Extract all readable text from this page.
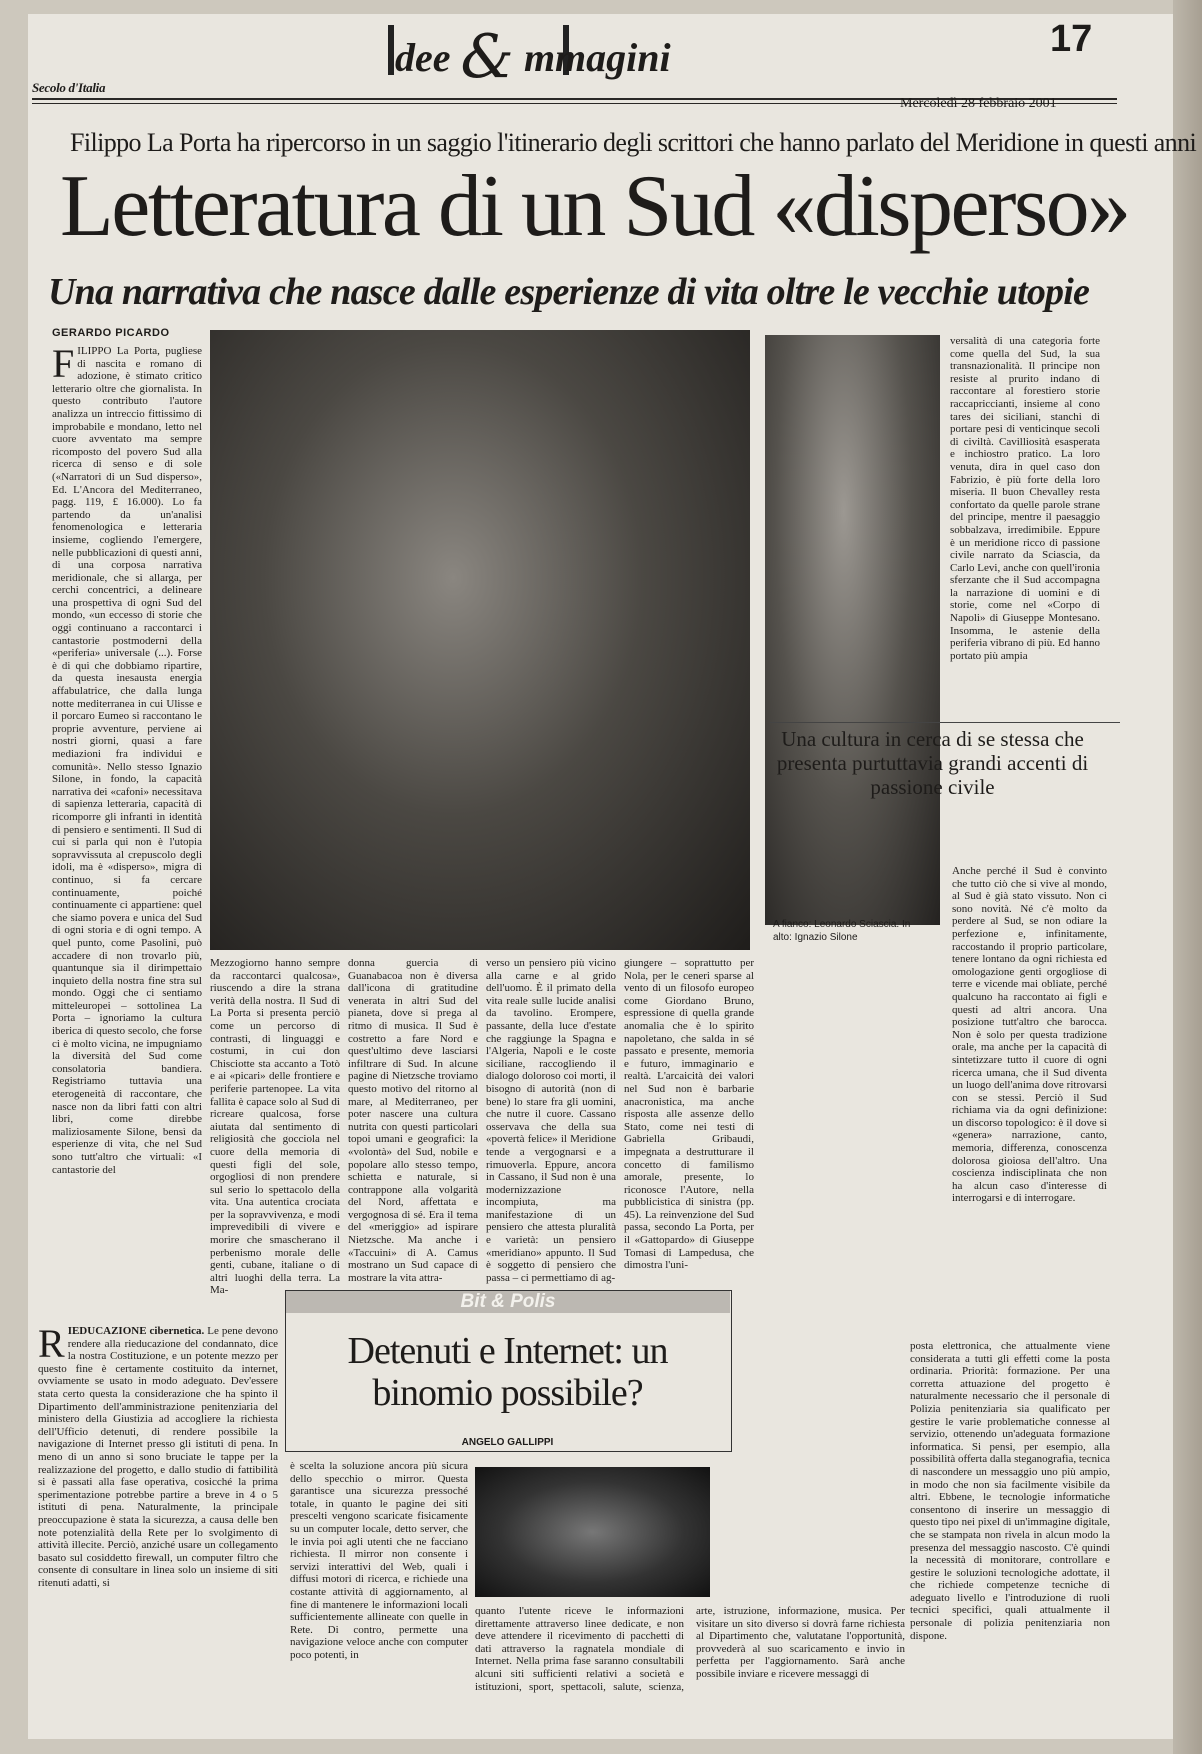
Secolo d'Italia
dee & mmagini	17
Mercoledì 28 febbraio 2001
Filippo La Porta ha ripercorso in un saggio l'itinerario degli scrittori che hanno parlato del Meridione in questi anni
Letteratura di un Sud «disperso»
Una narrativa che nasce dalle esperienze di vita oltre le vecchie utopie
GERARDO PICARDO
FILIPPO La Porta, pugliese di nascita e romano di adozione, è stimato critico letterario oltre che giornalista. In questo contributo l'autore analizza un intreccio fittissimo di improbabile e mondano, letto nel cuore avventato ma sempre ricomposto del povero Sud alla ricerca di senso e di sole («Narratori di un Sud disperso», Ed. L'Ancora del Mediterraneo, pagg. 119, £ 16.000). Lo fa partendo da un'analisi fenomenologica e letteraria insieme, cogliendo l'emergere, nelle pubblicazioni di questi anni, di una corposa narrativa meridionale, che si allarga, per cerchi concentrici, a delineare una prospettiva di ogni Sud del mondo, «un eccesso di storie che oggi continuano a raccontarci i cantastorie postmoderni della «periferia» universale (...). Forse è di qui che dobbiamo ripartire, da questa inesausta energia affabulatrice, che dalla lunga notte mediterranea in cui Ulisse e il porcaro Eumeo si raccontano le proprie avventure, perviene ai nostri giorni, quasi a fare mediazioni fra individui e comunità». Nello stesso Ignazio Silone, in fondo, la capacità narrativa dei «cafoni» necessitava di sapienza letteraria, capacità di ricomporre gli infranti in identità di pensiero e sentimenti. Il Sud di cui si parla qui non è l'utopia sopravvissuta al crepuscolo degli idoli, ma è «disperso», migra di continuo, si fa cercare continuamente, poiché continuamente ci appartiene: quel che siamo povera e unica del Sud di ogni storia e di ogni tempo. A quel punto, come Pasolini, può accadere di non trovarlo più, quantunque sia il dirimpettaio inquieto della nostra fine stra sul mondo. Oggi che ci sentiamo mitteleuropei – sottolinea La Porta – ignoriamo la cultura iberica di questo secolo, che forse ci è molto vicina, ne impugniamo la diversità del Sud come consolatoria bandiera. Registriamo tuttavia una eterogeneità di raccontare, che nasce non da libri fatti con altri libri, come direbbe maliziosamente Silone, bensì da esperienze di vita, che nel Sud sono tutt'altro che virtuali: «I cantastorie del
A fianco: Leonardo Sciascia. In alto: Ignazio Silone
versalità di una categoria forte come quella del Sud, la sua transnazionalità. Il principe non resiste al prurito indano di raccontare al forestiero storie raccapriccianti, insieme al cono tares dei siciliani, stanchi di portare pesi di venticinque secoli di civiltà. Cavilliosità esasperata e inchiostro pratico. La loro venuta, dira in quel caso don Fabrizio, è più forte della loro miseria. Il buon Chevalley resta confortato da quelle parole strane del principe, mentre il paesaggio sobbalzava, irredimibile. Eppure è un meridione ricco di passione civile narrato da Sciascia, da Carlo Levi, anche con quell'ironia sferzante che il Sud accompagna la narrazione di uomini e di storie, come nel «Corpo di Napoli» di Giuseppe Montesano. Insomma, le astenie della periferia vibrano di più. Ed hanno portato più ampia
Una cultura in cerca di se stessa che presenta purtuttavia grandi accenti di passione civile
Anche perché il Sud è convinto che tutto ciò che si vive al mondo, al Sud è già stato vissuto. Non ci sono novità. Né c'è molto da perdere al Sud, se non odiare la perfezione e, infinitamente, raccostando il proprio particolare, tenere lontano da ogni richiesta ed omologazione genti orgogliose di terre e vicende mai obliate, perché qualcuno ha raccontato ai figli e questi ad altri ancora. Una posizione tutt'altro che barocca. Non è solo per questa tradizione orale, ma anche per la capacità di sintetizzare tutto il cuore di ogni ricerca umana, che il Sud diventa un luogo dell'anima dove ritrovarsi con se stessi. Perciò il Sud richiama via da ogni definizione: un discorso topologico: è il dove si «genera» narrazione, canto, memoria, differenza, conoscenza dolorosa gioiosa dell'altro. Una coscienza indisciplinata che non ha alcun caso d'interesse di interrogarsi e di interrogare.
Mezzogiorno hanno sempre da raccontarci qualcosa», riuscendo a dire la strana verità della nostra. Il Sud di La Porta si presenta perciò come un percorso di contrasti, di linguaggi e costumi, in cui don Chisciotte sta accanto a Totò e ai «picari» delle frontiere e periferie partenopee. La vita fallita è capace solo al Sud di ricreare qualcosa, forse aiutata dal sentimento di religiosità che gocciola nel cuore della memoria di questi figli del sole, orgogliosi di non prendere sul serio lo spettacolo della vita. Una autentica crociata per la sopravvivenza, e modi imprevedibili di vivere e morire che smascherano il perbenismo morale delle genti, cubane, italiane o di altri luoghi della terra. La Ma-
donna guercia di Guanabacoa non è diversa dall'icona di gratitudine venerata in altri Sud del pianeta, dove si prega al ritmo di musica. Il Sud è costretto a fare Nord e quest'ultimo deve lasciarsi infiltrare di Sud. In alcune pagine di Nietzsche troviamo questo motivo del ritorno al mare, al Mediterraneo, per poter nascere una cultura nutrita con questi particolari topoi umani e geografici: la «volontà» del Sud, nobile e popolare allo stesso tempo, schietta e naturale, si contrappone alla volgarità del Nord, affettata e vergognosa di sé. Era il tema del «meriggio» ad ispirare Nietzsche. Ma anche i «Taccuini» di A. Camus mostrano un Sud capace di mostrare la vita attra-
verso un pensiero più vicino alla carne e al grido dell'uomo. È il primato della vita reale sulle lucide analisi da tavolino. Erompere, passante, della luce d'estate che raggiunge la Spagna e l'Algeria, Napoli e le coste siciliane, raccogliendo il dialogo doloroso coi morti, il bisogno di autorità (non di bene) lo stare fra gli uomini, che nutre il cuore. Cassano osservava che della sua «povertà felice» il Meridione tende a vergognarsi e a rimuoverla. Eppure, ancora in Cassano, il Sud non è una modernizzazione incompiuta, ma manifestazione di un pensiero che attesta pluralità e varietà: un pensiero «meridiano» appunto. Il Sud è soggetto di pensiero che passa – ci permettiamo di ag-
giungere – soprattutto per Nola, per le ceneri sparse al vento di un filosofo europeo come Giordano Bruno, espressione di quella grande anomalia che è lo spirito napoletano, che salda in sé passato e presente, memoria e futuro, immaginario e realtà. L'arcaicità dei valori nel Sud non è barbarie anacronistica, ma anche risposta alle assenze dello Stato, come nei testi di Gabriella Gribaudi, impegnata a destrutturare il concetto di familismo amorale, presente, lo riconosce l'Autore, nella pubblicistica di sinistra (pp. 45). La reinvenzione del Sud passa, secondo La Porta, per il «Gattopardo» di Giuseppe Tomasi di Lampedusa, che dimostra l'uni-
Bit & Polis
Detenuti e Internet: un binomio possibile?
ANGELO GALLIPPI
RIEDUCAZIONE cibernetica. Le pene devono rendere alla rieducazione del condannato, dice la nostra Costituzione, e un potente mezzo per questo fine è certamente costituito da internet, ovviamente se usato in modo adeguato. Dev'essere stata certo questa la considerazione che ha spinto il Dipartimento dell'amministrazione penitenziaria del ministero della Giustizia ad accogliere la richiesta dell'Ufficio detenuti, di rendere possibile la navigazione di Internet presso gli istituti di pena. In meno di un anno si sono bruciate le tappe per la realizzazione del progetto, e dallo studio di fattibilità si è passati alla fase operativa, cosicché la prima sperimentazione potrebbe partire a breve in 4 o 5 istituti di pena. Naturalmente, la principale preoccupazione è stata la sicurezza, a causa delle ben note potenzialità della Rete per lo svolgimento di attività illecite. Perciò, anziché usare un collegamento basato sul cosiddetto firewall, un computer filtro che consente di consultare in linea solo un insieme di siti ritenuti adatti, si
è scelta la soluzione ancora più sicura dello specchio o mirror. Questa garantisce una sicurezza pressoché totale, in quanto le pagine dei siti prescelti vengono scaricate fisicamente su un computer locale, detto server, che le invia poi agli utenti che ne facciano richiesta. Il mirror non consente i servizi interattivi del Web, quali i diffusi motori di ricerca, e richiede una costante attività di aggiornamento, al fine di mantenere le informazioni locali sufficientemente allineate con quelle in Rete. Di contro, permette una navigazione veloce anche con computer poco potenti, in
quanto l'utente riceve le informazioni direttamente attraverso linee dedicate, e non deve attendere il ricevimento di pacchetti di dati attraverso la ragnatela mondiale di Internet. Nella prima fase saranno consultabili alcuni siti sufficienti relativi a società e istituzioni, sport, spettacoli, salute, scienza, arte, istruzione, informazione, musica. Per visitare un sito diverso si dovrà farne richiesta al Dipartimento che, valutatane l'opportunità, provvederà al suo scaricamento e invio in perfetta per l'aggiornamento. Sarà anche possibile inviare e ricevere messaggi di
posta elettronica, che attualmente viene considerata a tutti gli effetti come la posta ordinaria. Priorità: formazione. Per una corretta attuazione del progetto è naturalmente necessario che il personale di Polizia penitenziaria sia qualificato per gestire le varie problematiche connesse al servizio, ottenendo un'adeguata formazione informatica. Si pensi, per esempio, alla possibilità offerta dalla steganografia, tecnica di nascondere un messaggio uno più ampio, in modo che non sia facilmente visibile da altri. Ebbene, le tecnologie informatiche consentono di inserire un messaggio di questo tipo nei pixel di un'immagine digitale, che se stampata non rivela in alcun modo la presenza del messaggio nascosto. C'è quindi la necessità di monitorare, controllare e gestire le soluzioni tecnologiche adottate, il che richiede competenze tecniche di adeguato livello e l'introduzione di ruoli tecnici specifici, quali attualmente il personale di polizia penitenziaria non dispone.
